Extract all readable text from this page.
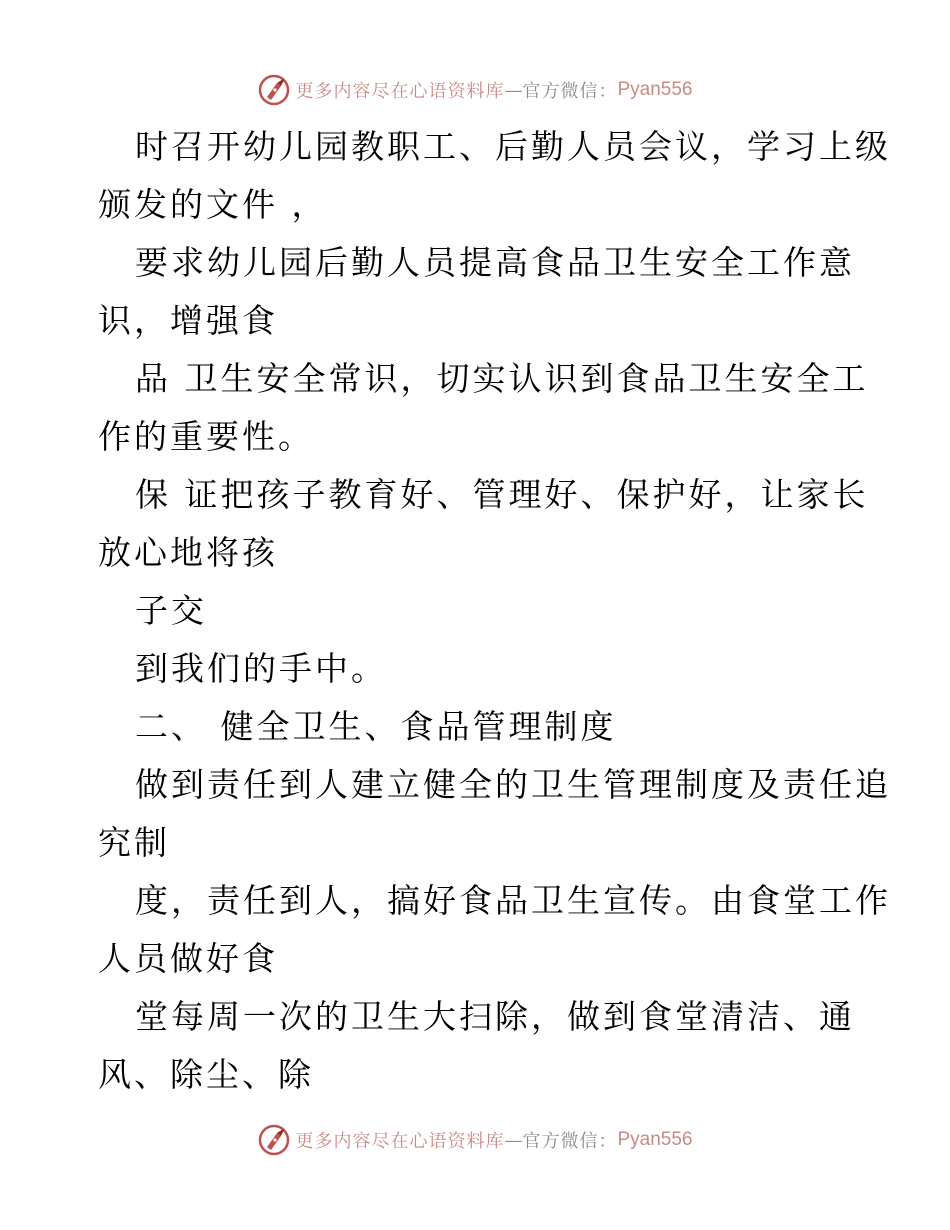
更多内容尽在心语资料库 — 官方微信： Pyan556
时召开幼儿园教职工、后勤人员会议，学习上级
颁发的文件 ，
要求幼儿园后勤人员提高食品卫生安全工作意
识，增强食
品 卫生安全常识，切实认识到食品卫生安全工
作的重要性。
保 证把孩子教育好、管理好、保护好，让家长
放心地将孩
子交
到我们的手中。
二、 健全卫生、食品管理制度
做到责任到人建立健全的卫生管理制度及责任追
究制
度，责任到人，搞好食品卫生宣传。由食堂工作
人员做好食
堂每周一次的卫生大扫除，做到食堂清洁、通
风、除尘、除
更多内容尽在心语资料库 — 官方微信： Pyan556
